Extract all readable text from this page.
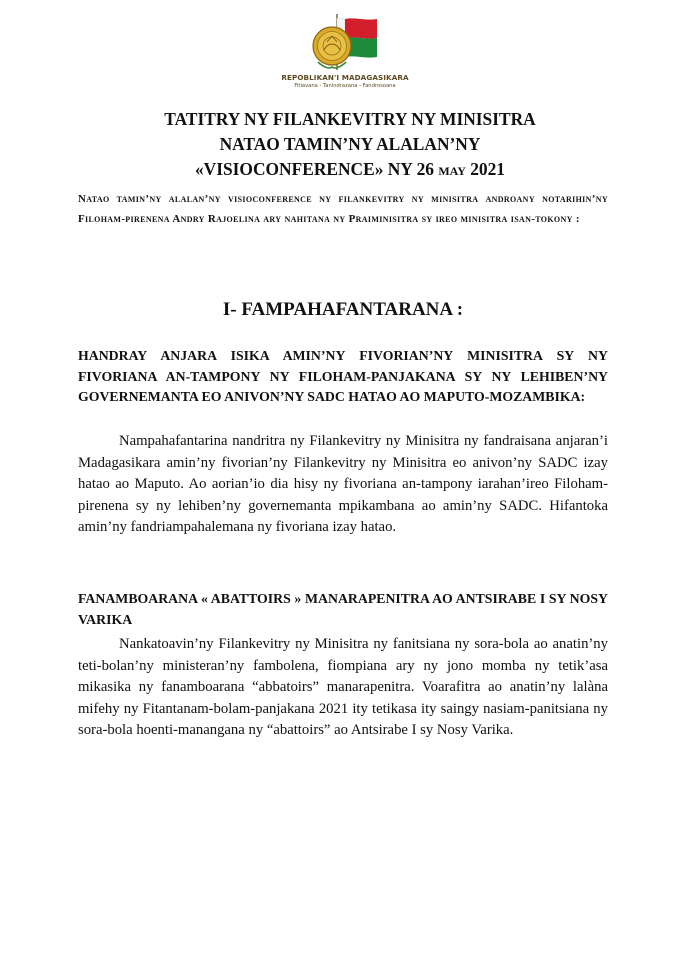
REPOBLIKAN'I MADAGASIKARA
Fitiavana - Tanindrazana - Fandrosoana
TATITRY NY FILANKEVITRY NY MINISITRA
NATAO TAMIN’NY ALALAN’NY
«VISIOCONFERENCE» NY 26 may 2021

Natao tamin’ny alalan’ny visioconference ny filankevitry ny minisitra androany notarihin’ny Filoham-pirenena Andry Rajoelina ary nahitana ny Praiminisitra sy ireo minisitra isan-tokony :

I- FAMPAHAFANTARANA :
HANDRAY ANJARA ISIKA AMIN’NY FIVORIAN’NY MINISITRA SY NY FIVORIANA AN-TAMPONY NY FILOHAM-PANJAKANA SY NY LEHIBEN’NY GOVERNEMANTA EO ANIVON’NY SADC HATAO AO MAPUTO-MOZAMBIKA:

Nampahafantarina nandritra ny Filankevitry ny Minisitra ny fandraisana anjaran’i Madagasikara amin’ny fivorian’ny Filankevitry ny Minisitra eo anivon’ny SADC izay hatao ao Maputo. Ao aorian’io dia hisy ny fivoriana an-tampony iarahan’ireo Filoham-pirenena sy ny lehiben’ny governemanta mpikambana ao amin’ny SADC. Hifantoka amin’ny fandriampahalemana ny fivoriana izay hatao.

FANAMBOARANA « ABATTOIRS » MANARAPENITRA AO ANTSIRABE I SY NOSY VARIKA

Nankatoavin’ny Filankevitry ny Minisitra ny fanitsiana ny sora-bola ao anatin’ny teti-bolan’ny ministeran’ny fambolena, fiompiana ary ny jono momba ny tetik’asa mikasika ny fanamboarana “abbatoirs” manarapenitra. Voarafitra ao anatin’ny lalàna mifehy ny Fitantanam-bolam-panjakana 2021 ity tetikasa ity saingy nasiam-panitsiana ny sora-bola hoenti-manangana ny “abattoirs” ao Antsirabe I sy Nosy Varika.
